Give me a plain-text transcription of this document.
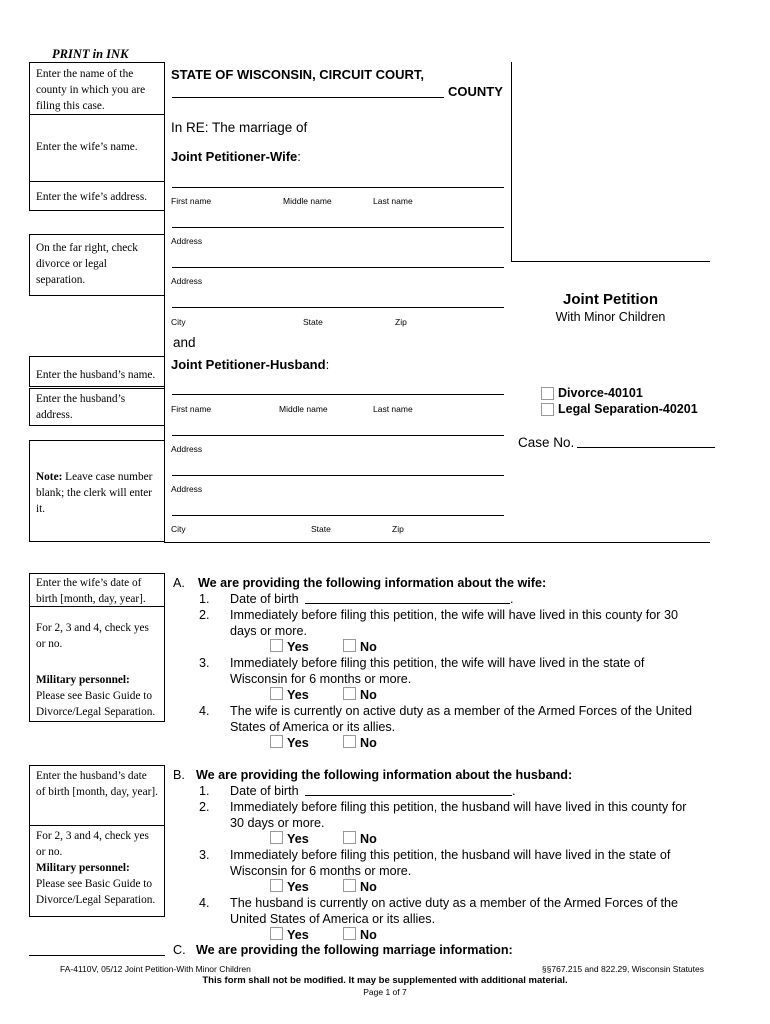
PRINT in INK
Enter the name of the county in which you are filing this case.
Enter the wife’s name.
Enter the wife’s address.
On the far right, check divorce or legal separation.
Enter the husband’s name.
Enter the husband’s address.
Note: Leave case number blank; the clerk will enter it.
STATE OF WISCONSIN, CIRCUIT COURT,
COUNTY
In RE: The marriage of
Joint Petitioner-Wife:
First name	Middle name	Last name
Address
Address
City	State	Zip
and
Joint Petitioner-Husband:
First name	Middle name	Last name
Address
Address
City	State	Zip
Joint Petition
With Minor Children
Divorce-40101
Legal Separation-40201
Case No.
Enter the wife’s date of birth [month, day, year].
For 2, 3 and 4, check yes or no.
Military personnel:
Please see Basic Guide to Divorce/Legal Separation.
Enter the husband’s date of birth [month, day, year].
For 2, 3 and 4, check yes or no.
Military personnel: Please see Basic Guide to Divorce/Legal Separation.
A. We are providing the following information about the wife:
1. Date of birth	.
2. Immediately before filing this petition, the wife will have lived in this county for 30
days or more.
Yes	No
3. Immediately before filing this petition, the wife will have lived in the state of
Wisconsin for 6 months or more.
Yes	No
4. The wife is currently on active duty as a member of the Armed Forces of the United
States of America or its allies.
Yes	No
B. We are providing the following information about the husband:
1. Date of birth	.
2. Immediately before filing this petition, the husband will have lived in this county for
30 days or more.
Yes	No
3. Immediately before filing this petition, the husband will have lived in the state of
Wisconsin for 6 months or more.
Yes	No
4. The husband is currently on active duty as a member of the Armed Forces of the
United States of America or its allies.
Yes	No
C. We are providing the following marriage information:
FA-4110V, 05/12 Joint Petition-With Minor Children	§§767.215 and 822.29, Wisconsin Statutes
This form shall not be modified. It may be supplemented with additional material.
Page 1 of 7
